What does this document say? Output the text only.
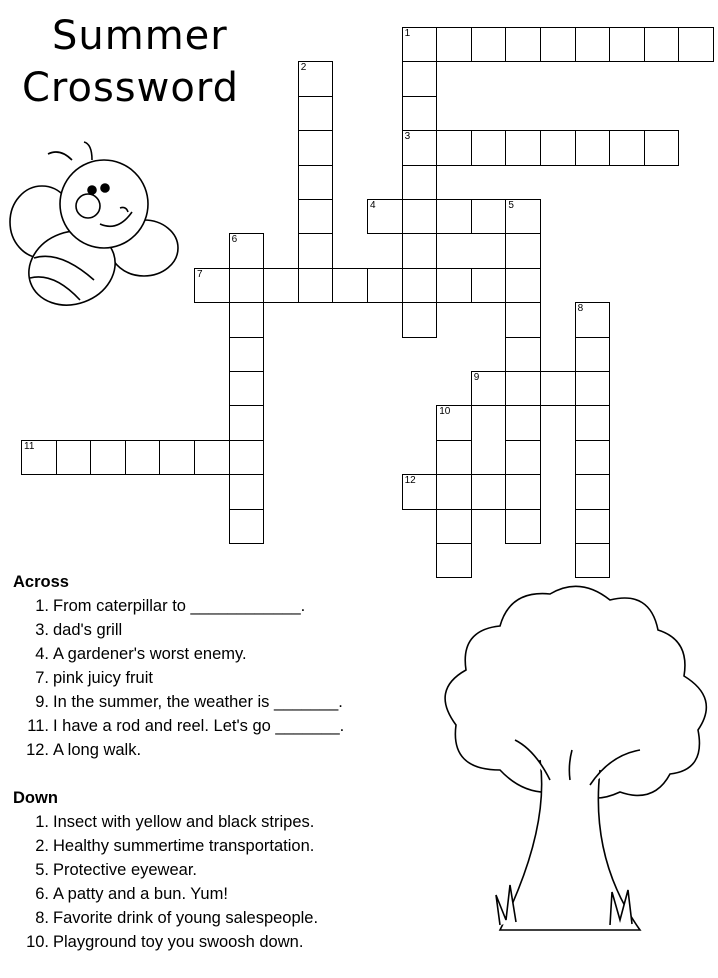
Summer
Crossword
1
3
4	5
7
9
11
12
2
6
8
10
Across
1. From caterpillar to ____________.
3. dad's grill
4. A gardener's worst enemy.
7. pink juicy fruit
9. In the summer, the weather is _______.
11. I have a rod and reel. Let's go _______.
12. A long walk.
Down
1. Insect with yellow and black stripes.
2. Healthy summertime transportation.
5. Protective eyewear.
6. A patty and a bun. Yum!
8. Favorite drink of young salespeople.
10. Playground toy you swoosh down.
